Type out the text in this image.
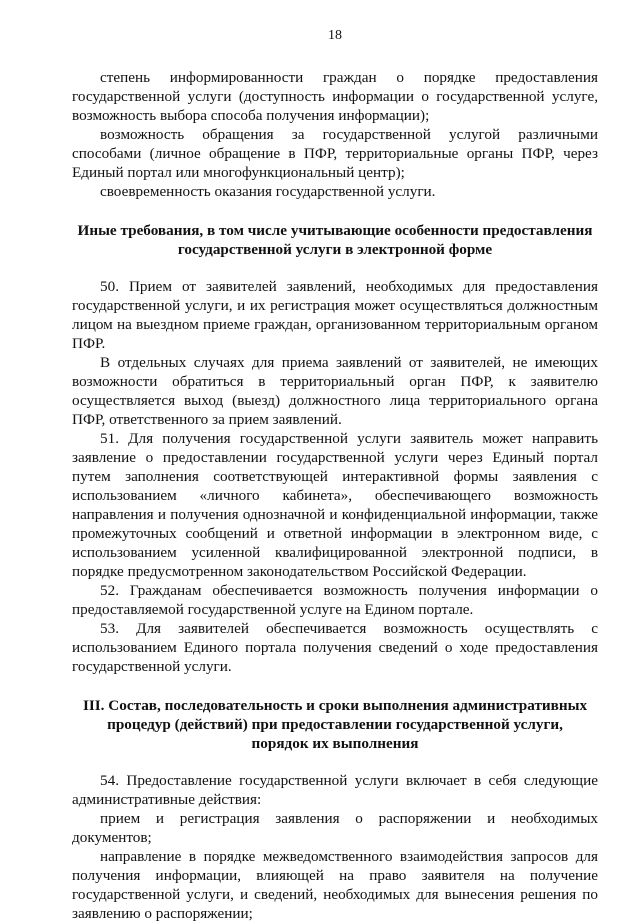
18

степень информированности граждан о порядке предоставления государственной услуги (доступность информации о государственной услуге, возможность выбора способа получения информации);

возможность обращения за государственной услугой различными способами (личное обращение в ПФР, территориальные органы ПФР, через Единый портал или многофункциональный центр);

своевременность оказания государственной услуги.

Иные требования, в том числе учитывающие особенности предоставления
государственной услуги в электронной форме

50. Прием от заявителей заявлений, необходимых для предоставления государственной услуги, и их регистрация может осуществляться должностным лицом на выездном приеме граждан, организованном территориальным органом ПФР.

В отдельных случаях для приема заявлений от заявителей, не имеющих возможности обратиться в территориальный орган ПФР, к заявителю осуществляется выход (выезд) должностного лица территориального органа ПФР, ответственного за прием заявлений.

51. Для получения государственной услуги заявитель может направить заявление о предоставлении государственной услуги через Единый портал путем заполнения соответствующей интерактивной формы заявления с использованием «личного кабинета», обеспечивающего возможность направления и получения однозначной и конфиденциальной информации, также промежуточных сообщений и ответной информации в электронном виде, с использованием усиленной квалифицированной электронной подписи, в порядке предусмотренном законодательством Российской Федерации.

52. Гражданам обеспечивается возможность получения информации о предоставляемой государственной услуге на Едином портале.

53. Для заявителей обеспечивается возможность осуществлять с использованием Единого портала получения сведений о ходе предоставления государственной услуги.

III. Состав, последовательность и сроки выполнения административных
процедур (действий) при предоставлении государственной услуги,
порядок их выполнения

54. Предоставление государственной услуги включает в себя следующие административные действия:

прием и регистрация заявления о распоряжении и необходимых документов;

направление в порядке межведомственного взаимодействия запросов для получения информации, влияющей на право заявителя на получение государственной услуги, и сведений, необходимых для вынесения решения по заявлению о распоряжении;
